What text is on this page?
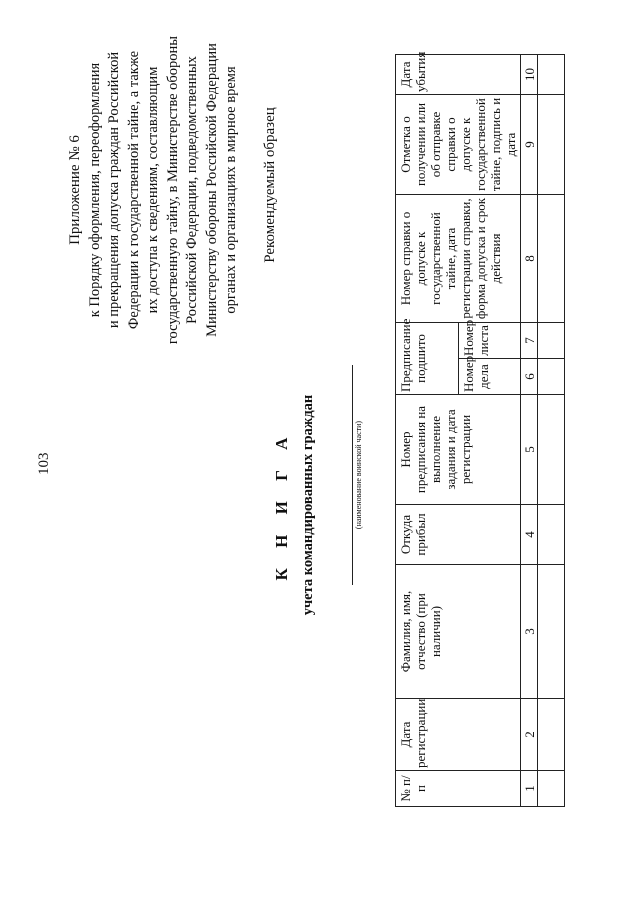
103
Приложение № 6 к Порядку оформления, переоформления и прекращения допуска граждан Российской Федерации к государственной тайне, а также их доступа к сведениям, составляющим государственную тайну, в Министерстве обороны Российской Федерации, подведомственных Министерству обороны Российской Федерации органах и организациях в мирное время Рекомендуемый образец
К Н И Г А учета командированных граждан	(наименование воинской части)
№ п/п	Дата регистрации	Фамилия, имя, отчество (при наличии)	Откуда прибыл	Номер предписания на выполнение задания и дата регистрации	Предписание подшито		Номер справки о допуске к государственной тайне, дата регистрации справки, форма допуска и срок действия	Отметка о получении или об отправке справки о допуске к государственной тайне, подпись и дата	Дата убытия
					Номер дела	Номер листа			
1	2	3	4	5	6	7	8	9	10
